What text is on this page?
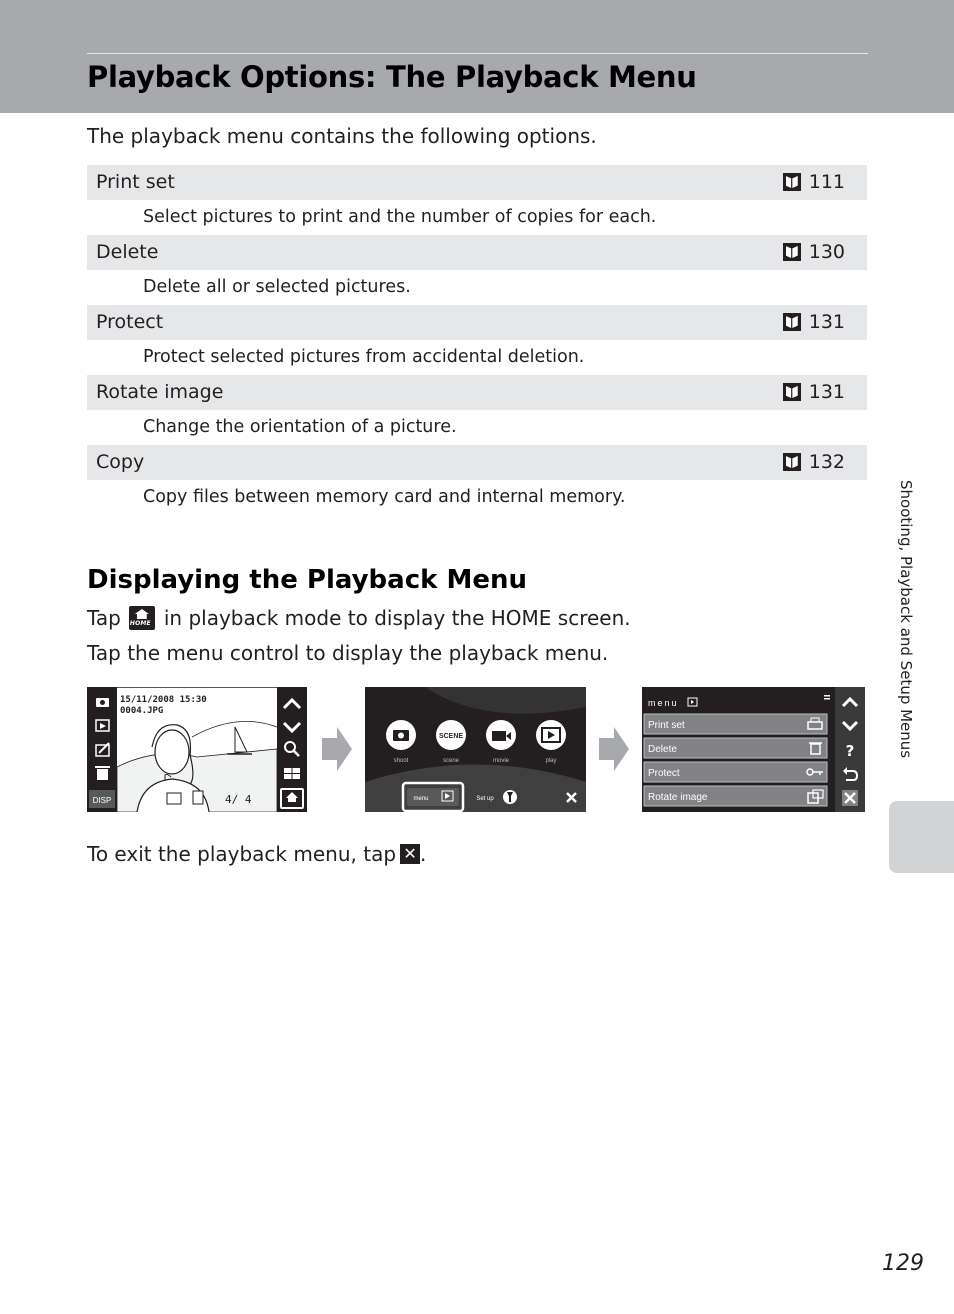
Playback Options: The Playback Menu

The playback menu contains the following options.

Print set	111
Select pictures to print and the number of copies for each.
Delete	130
Delete all or selected pictures.
Protect	131
Protect selected pictures from accidental deletion.
Rotate image	131
Change the orientation of a picture.
Copy	132
Copy files between memory card and internal memory.
Displaying the Playback Menu

Tap HOME in playback mode to display the HOME screen.

Tap the menu control to display the playback menu.

DISP
15/11/2008 15:30
0004.JPG
4/ 4
SCENE
shoot	scene	movie	play
menu	Set up
menu
Print set
Delete
Protect
Rotate image
?

To exit the playback menu, tap ✕ .

Shooting, Playback and Setup Menus
129
